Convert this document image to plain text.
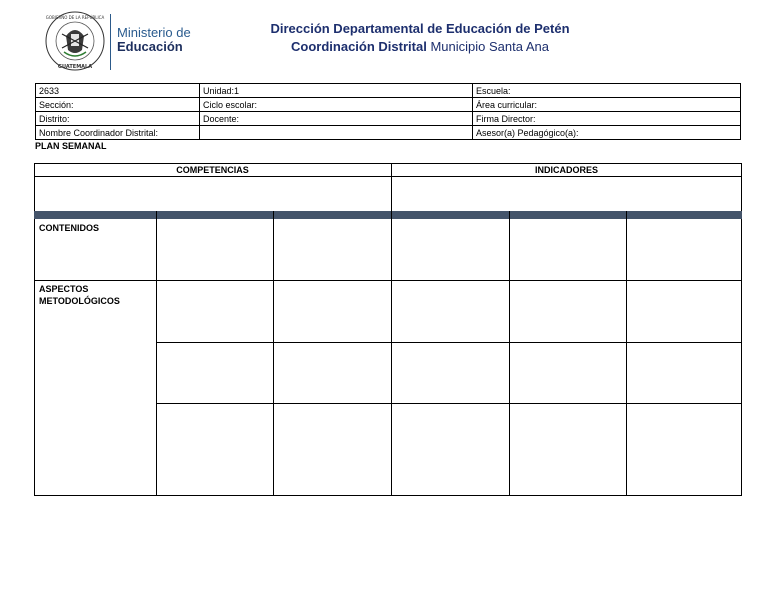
GOBIERNO DE LA REPÚBLICA
GUATEMALA
Ministerio de
Educación
Dirección Departamental de Educación de Petén
Coordinación Distrital Municipio Santa Ana
2633	Unidad:1	Escuela:
Sección:	Ciclo escolar:	Área curricular:
Distrito:	Docente:	Firma Director:
Nombre Coordinador Distrital:		Asesor(a) Pedagógico(a):
PLAN SEMANAL
COMPETENCIAS	INDICADORES
CONTENIDOS
ASPECTOS METODOLÓGICOS
